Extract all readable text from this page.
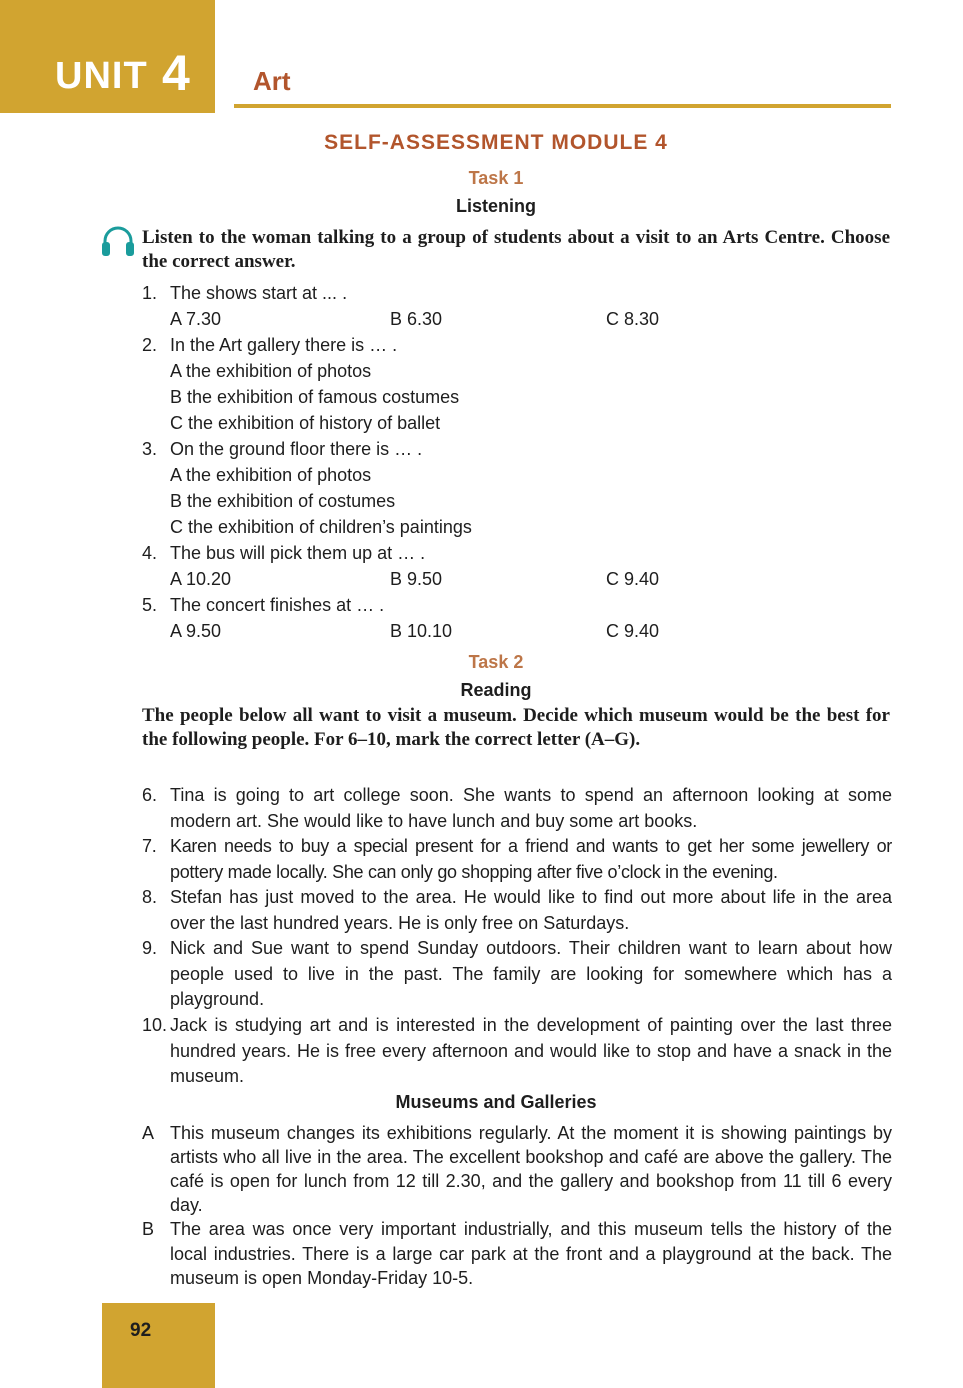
UNIT 4 Art
SELF-ASSESSMENT MODULE 4
Task 1
Listening
Listen to the woman talking to a group of students about a visit to an Arts Centre. Choose the correct answer.
1. The shows start at ... .
A 7.30	B 6.30	C 8.30
2. In the Art gallery there is … .
A the exhibition of photos
B the exhibition of famous costumes
C the exhibition of history of ballet
3. On the ground floor there is … .
A the exhibition of photos
B the exhibition of costumes
C the exhibition of children’s paintings
4. The bus will pick them up at … .
A 10.20	B 9.50	C 9.40
5. The concert finishes at … .
A 9.50	B 10.10	C 9.40
Task 2
Reading
The people below all want to visit a museum. Decide which museum would be the best for the following people. For 6–10, mark the correct letter (A–G).
6. Tina is going to art college soon. She wants to spend an afternoon looking at some modern art. She would like to have lunch and buy some art books.
7. Karen needs to buy a special present for a friend and wants to get her some jewellery or pottery made locally. She can only go shopping after five o’clock in the evening.
8. Stefan has just moved to the area. He would like to find out more about life in the area over the last hundred years. He is only free on Saturdays.
9. Nick and Sue want to spend Sunday outdoors. Their children want to learn about how people used to live in the past. The family are looking for somewhere which has a playground.
10. Jack is studying art and is interested in the development of painting over the last three hundred years. He is free every afternoon and would like to stop and have a snack in the museum.
Museums and Galleries
A This museum changes its exhibitions regularly. At the moment it is showing paintings by artists who all live in the area. The excellent bookshop and café are above the gallery. The café is open for lunch from 12 till 2.30, and the gallery and bookshop from 11 till 6 every day.
B The area was once very important industrially, and this museum tells the history of the local industries. There is a large car park at the front and a playground at the back. The museum is open Monday-Friday 10-5.
92
